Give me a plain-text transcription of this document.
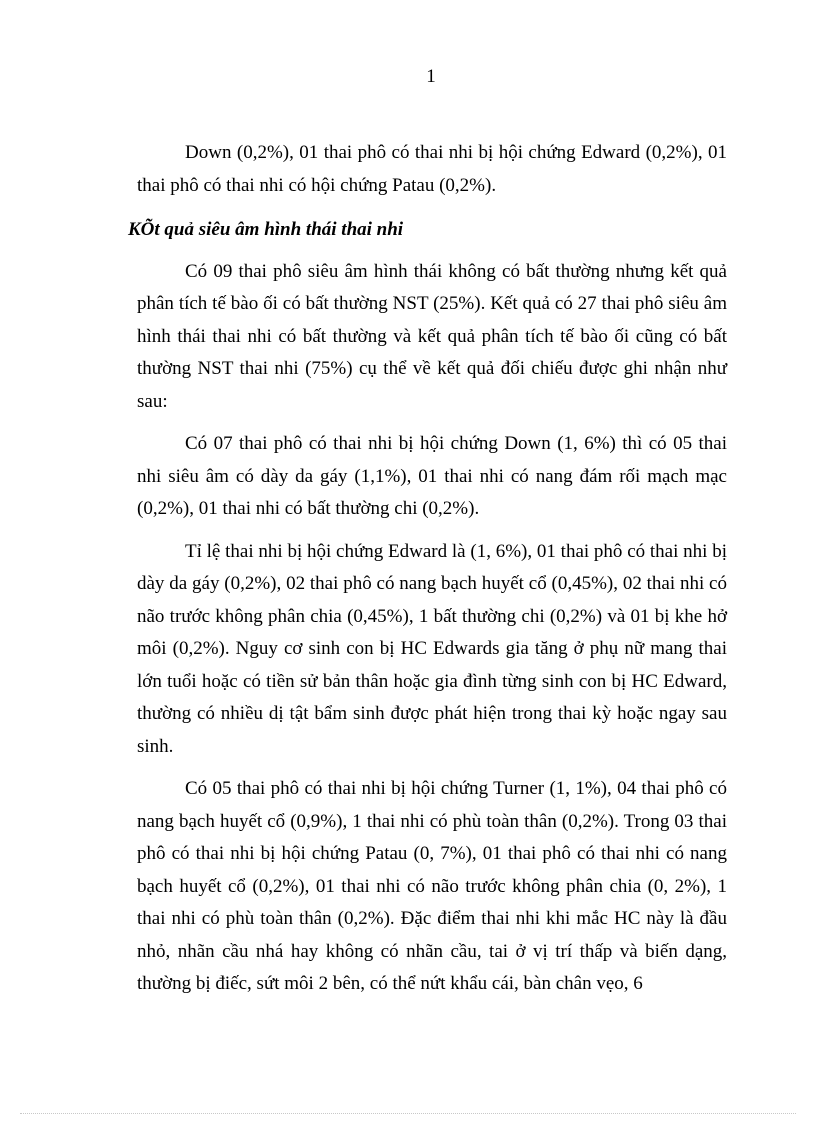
1

Down (0,2%), 01 thai phô có thai nhi bị hội chứng Edward (0,2%), 01 thai phô có thai nhi có hội chứng Patau (0,2%).

KÕt quả siêu âm hình thái thai nhi

Có 09 thai phô siêu âm hình thái không có bất thường nhưng kết quả phân tích tế bào ối có bất thường NST (25%). Kết quả có 27 thai phô siêu âm hình thái thai nhi có bất thường và kết quả phân tích tế bào ối cũng có bất thường NST thai nhi (75%) cụ thể về kết quả đối chiếu được ghi nhận như sau:

Có 07 thai phô có thai nhi bị hội chứng Down (1, 6%) thì có 05 thai nhi siêu âm có dày da gáy (1,1%), 01 thai nhi có nang đám rối mạch mạc (0,2%), 01 thai nhi có bất thường chi (0,2%).

Tỉ lệ thai nhi bị hội chứng Edward là (1, 6%), 01 thai phô có thai nhi bị dày da gáy (0,2%), 02 thai phô có nang bạch huyết cổ (0,45%), 02 thai nhi có não trước không phân chia (0,45%), 1 bất thường chi (0,2%) và 01 bị khe hở môi (0,2%). Nguy cơ sinh con bị HC Edwards gia tăng ở phụ nữ mang thai lớn tuổi hoặc có tiền sử bản thân hoặc gia đình từng sinh con bị HC Edward, thường có nhiều dị tật bẩm sinh được phát hiện trong thai kỳ hoặc ngay sau sinh.

Có 05 thai phô có thai nhi bị hội chứng Turner (1, 1%), 04 thai phô có nang bạch huyết cổ (0,9%), 1 thai nhi có phù toàn thân (0,2%). Trong 03 thai phô có thai nhi bị hội chứng Patau (0, 7%), 01 thai phô có thai nhi có nang bạch huyết cổ (0,2%), 01 thai nhi có não trước không phân chia (0, 2%), 1 thai nhi có phù toàn thân (0,2%). Đặc điểm thai nhi khi mắc HC này là đầu nhỏ, nhãn cầu nhá hay không có nhãn cầu, tai ở vị trí thấp và biến dạng, thường bị điếc, sứt môi 2 bên, có thể nứt khẩu cái, bàn chân vẹo, 6
